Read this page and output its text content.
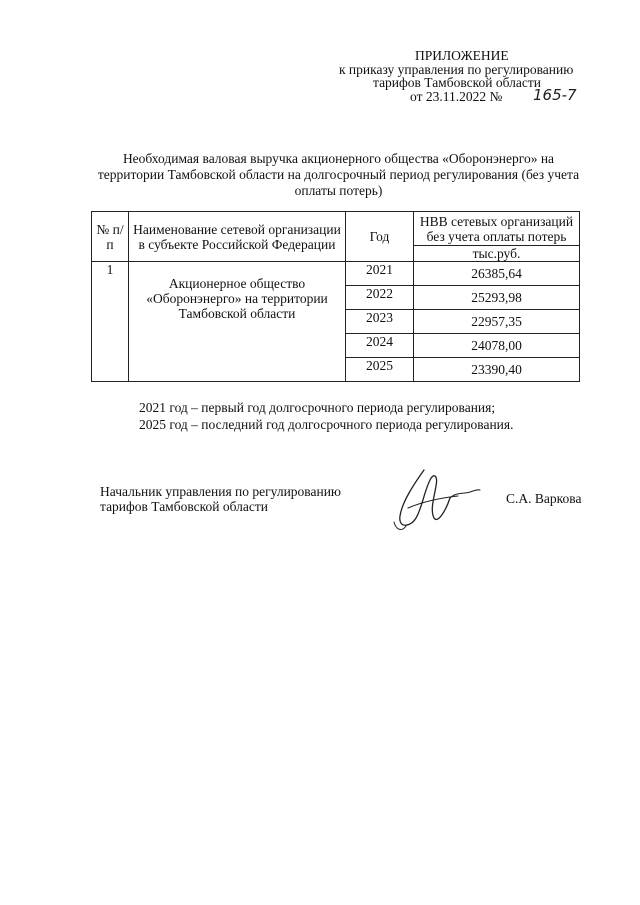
ПРИЛОЖЕНИЕ
к приказу управления по регулированию
тарифов Тамбовской области
от 23.11.2022 № 165-7
Необходимая валовая выручка акционерного общества «Оборонэнерго» на территории Тамбовской области на долгосрочный период регулирования (без учета оплаты потерь)
№ п/п	Наименование сетевой организации в субъекте Российской Федерации	Год	НВВ сетевых организаций без учета оплаты потерь
			тыс.руб.
1	Акционерное общество «Оборонэнерго» на территории Тамбовской области	2021	26385,64
		2022	25293,98
		2023	22957,35
		2024	24078,00
		2025	23390,40
2021 год – первый год долгосрочного периода регулирования;
2025 год – последний год долгосрочного периода регулирования.
Начальник управления по регулированию
тарифов Тамбовской области
С.А. Варкова
